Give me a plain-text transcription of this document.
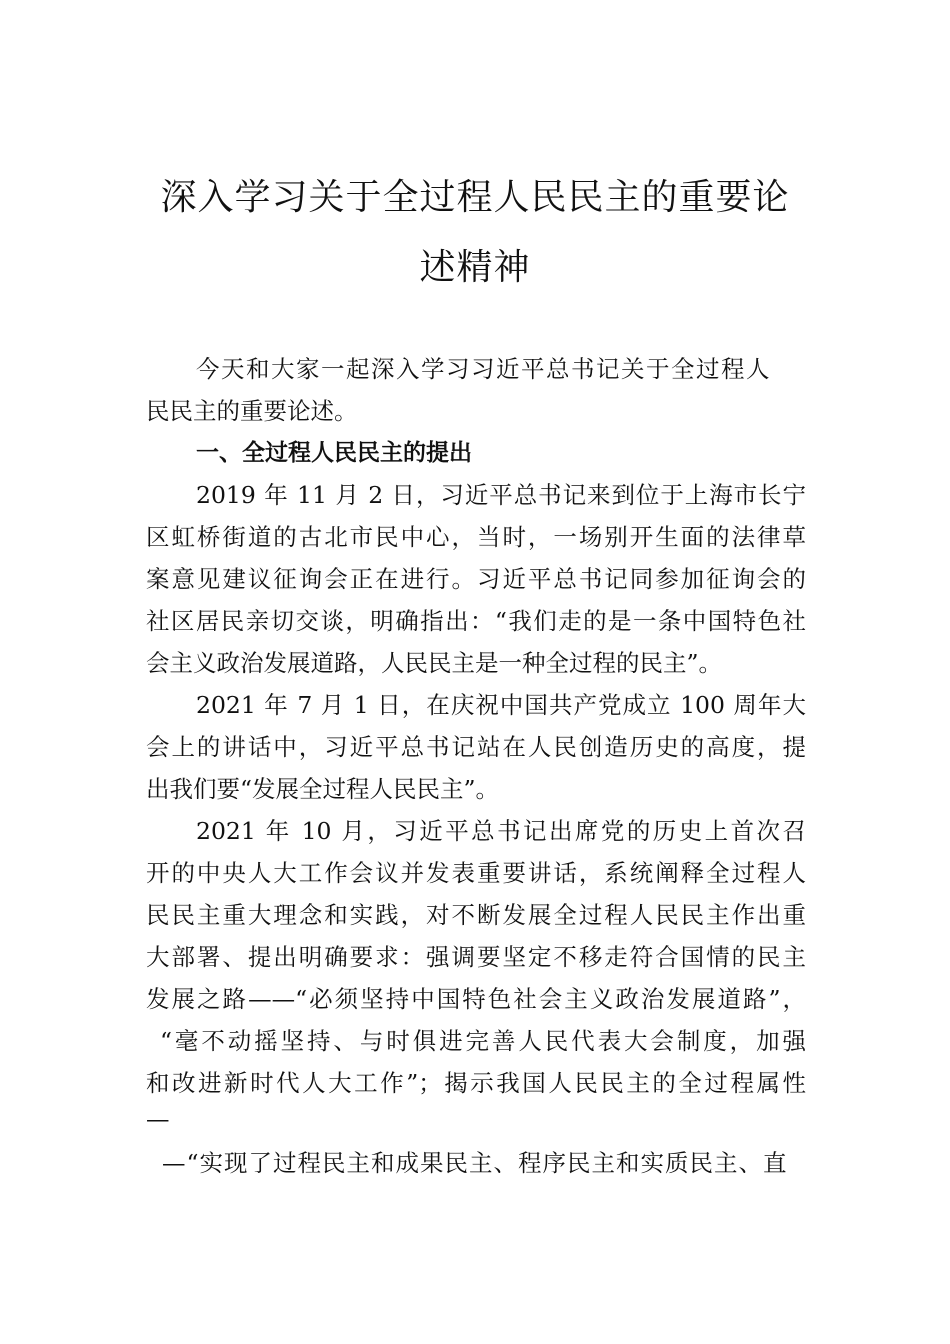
深入学习关于全过程人民民主的重要论
述精神
今天和大家一起深入学习习近平总书记关于全过程人
民民主的重要论述。
一、全过程人民民主的提出
2019 年 11 月 2 日，习近平总书记来到位于上海市长宁
区虹桥街道的古北市民中心，当时，一场别开生面的法律草
案意见建议征询会正在进行。习近平总书记同参加征询会的
社区居民亲切交谈，明确指出：“我们走的是一条中国特色社
会主义政治发展道路，人民民主是一种全过程的民主”。
2021 年 7 月 1 日，在庆祝中国共产党成立 100 周年大
会上的讲话中，习近平总书记站在人民创造历史的高度，提
出我们要“发展全过程人民民主”。
2021 年 10 月，习近平总书记出席党的历史上首次召
开的中央人大工作会议并发表重要讲话，系统阐释全过程人
民民主重大理念和实践，对不断发展全过程人民民主作出重
大部署、提出明确要求：强调要坚定不移走符合国情的民主
发展之路——“必须坚持中国特色社会主义政治发展道路”，
“毫不动摇坚持、与时俱进完善人民代表大会制度，加强
和改进新时代人大工作”；揭示我国人民民主的全过程属性
—
—“实现了过程民主和成果民主、程序民主和实质民主、直
